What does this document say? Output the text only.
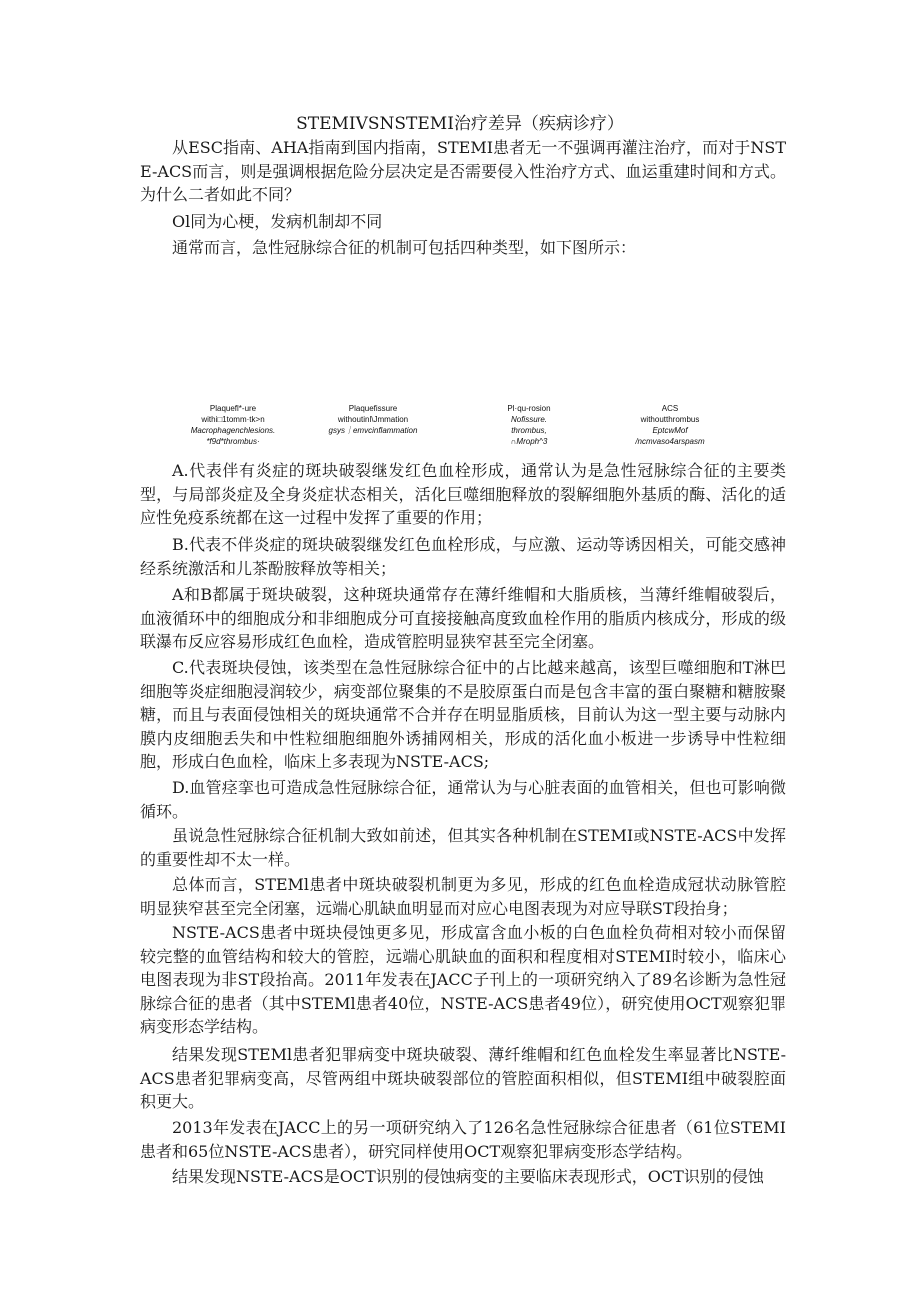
STEMIVSNSTEMI治疗差异（疾病诊疗）

从ESC指南、AHA指南到国内指南，STEMI患者无一不强调再灌注治疗，而对于NSTE-ACS而言，则是强调根据危险分层决定是否需要侵入性治疗方式、血运重建时间和方式。为什么二者如此不同？

Ol同为心梗，发病机制却不同

通常而言，急性冠脉综合征的机制可包括四种类型，如下图所示：

Plaquefl*-ure
withi□1tomm·tk>n
Macrophagenchlesions.
*f9d*thrombus·
Plaquefissure
withoutinl\Jmmation
gsys｜emvcinflammation
Pl·qu-rosion
Nofissure.
thrombus,
∩Mroph^3
ACS
withoutthrombus
EptcwMof
/ncmvaso4arspasm

A.代表伴有炎症的斑块破裂继发红色血栓形成，通常认为是急性冠脉综合征的主要类型，与局部炎症及全身炎症状态相关，活化巨噬细胞释放的裂解细胞外基质的酶、活化的适应性免疫系统都在这一过程中发挥了重要的作用；

B.代表不伴炎症的斑块破裂继发红色血栓形成，与应激、运动等诱因相关，可能交感神经系统激活和儿茶酚胺释放等相关；

A和B都属于斑块破裂，这种斑块通常存在薄纤维帽和大脂质核，当薄纤维帽破裂后，血液循环中的细胞成分和非细胞成分可直接接触高度致血栓作用的脂质内核成分，形成的级联瀑布反应容易形成红色血栓，造成管腔明显狭窄甚至完全闭塞。

C.代表斑块侵蚀，该类型在急性冠脉综合征中的占比越来越高，该型巨噬细胞和T淋巴细胞等炎症细胞浸润较少，病变部位聚集的不是胶原蛋白而是包含丰富的蛋白聚糖和糖胺聚糖，而且与表面侵蚀相关的斑块通常不合并存在明显脂质核，目前认为这一型主要与动脉内膜内皮细胞丢失和中性粒细胞细胞外诱捕网相关，形成的活化血小板进一步诱导中性粒细胞，形成白色血栓，临床上多表现为NSTE-ACS;

D.血管痉挛也可造成急性冠脉综合征，通常认为与心脏表面的血管相关，但也可影响微循环。

虽说急性冠脉综合征机制大致如前述，但其实各种机制在STEMI或NSTE-ACS中发挥的重要性却不太一样。

总体而言，STEMl患者中斑块破裂机制更为多见，形成的红色血栓造成冠状动脉管腔明显狭窄甚至完全闭塞，远端心肌缺血明显而对应心电图表现为对应导联ST段抬身；

NSTE-ACS患者中斑块侵蚀更多见，形成富含血小板的白色血栓负荷相对较小而保留较完整的血管结构和较大的管腔，远端心肌缺血的面积和程度相对STEMI时较小，临床心电图表现为非ST段抬高。2011年发表在JACC子刊上的一项研究纳入了89名诊断为急性冠脉综合征的患者（其中STEMl患者40位，NSTE-ACS患者49位），研究使用OCT观察犯罪病变形态学结构。

结果发现STEMl患者犯罪病变中斑块破裂、薄纤维帽和红色血栓发生率显著比NSTE-ACS患者犯罪病变高，尽管两组中斑块破裂部位的管腔面积相似，但STEMI组中破裂腔面积更大。

2013年发表在JACC上的另一项研究纳入了126名急性冠脉综合征患者（61位STEMI患者和65位NSTE-ACS患者），研究同样使用OCT观察犯罪病变形态学结构。

结果发现NSTE-ACS是OCT识别的侵蚀病变的主要临床表现形式，OCT识别的侵蚀
